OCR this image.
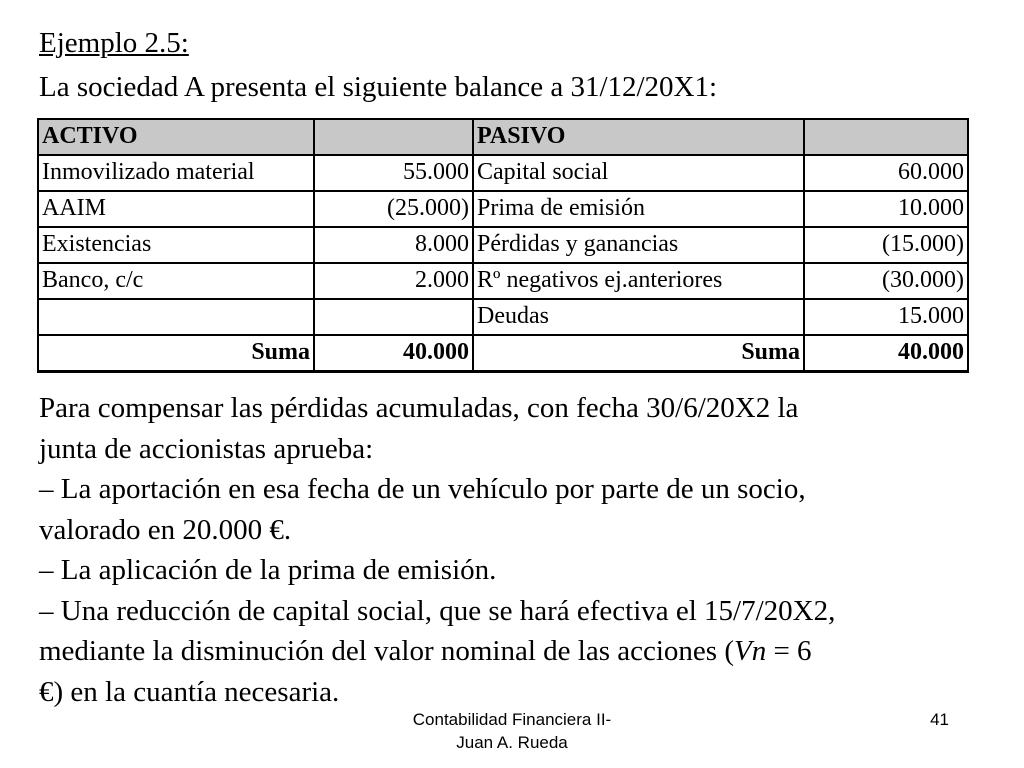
Ejemplo 2.5:
La sociedad A presenta el siguiente balance a 31/12/20X1:
ACTIVO		PASIVO	
Inmovilizado material	55.000	Capital social	60.000
AAIM	(25.000)	Prima de emisión	10.000
Existencias	8.000	Pérdidas y ganancias	(15.000)
Banco, c/c	2.000	Rº negativos ej.anteriores	(30.000)
		Deudas	15.000
Suma	40.000	Suma	40.000

Para compensar las pérdidas acumuladas, con fecha 30/6/20X2 la

junta de accionistas aprueba:

– La aportación en esa fecha de un vehículo por parte de un socio,

valorado en 20.000 €.

– La aplicación de la prima de emisión.

– Una reducción de capital social, que se hará efectiva el 15/7/20X2,

mediante la disminución del valor nominal de las acciones (Vn = 6

€) en la cuantía necesaria.

Contabilidad Financiera II-
Juan A. Rueda
41
